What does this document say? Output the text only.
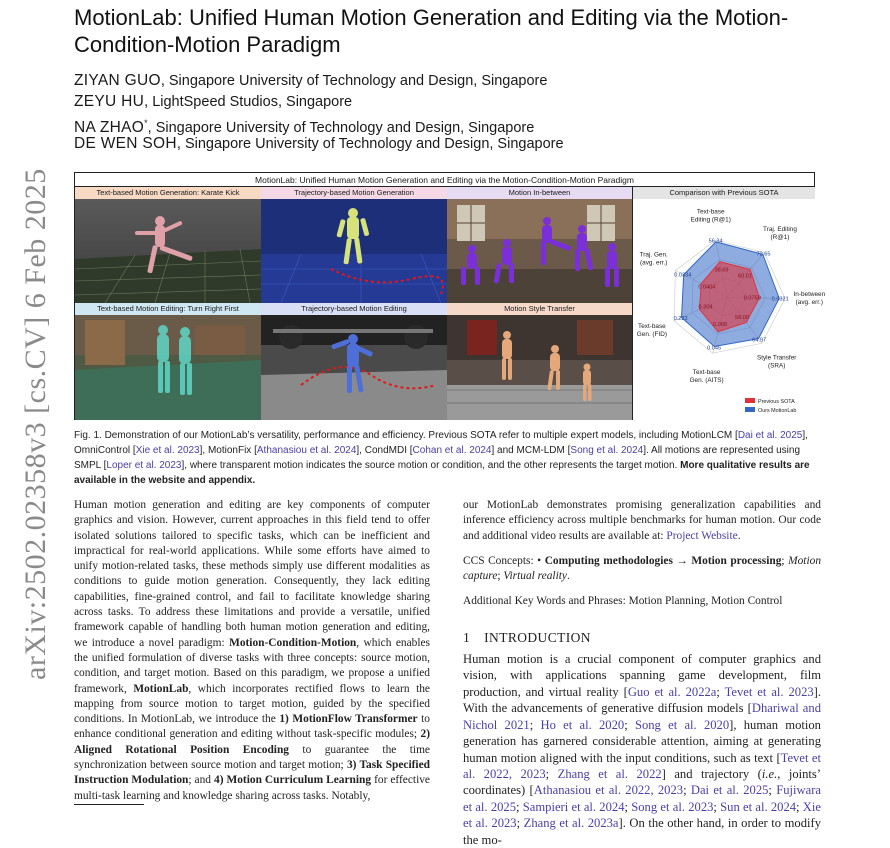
MotionLab: Unified Human Motion Generation and Editing via the Motion-Condition-Motion Paradigm
ZIYAN GUO, Singapore University of Technology and Design, Singapore
ZEYU HU, LightSpeed Studios, Singapore
NA ZHAO*, Singapore University of Technology and Design, Singapore
DE WEN SOH, Singapore University of Technology and Design, Singapore
arXiv:2502.02358v3 [cs.CV] 6 Feb 2025	MotionLab: Unified Human Motion Generation and Editing via the Motion-Condition-Motion Paradigm
Text-based Motion Generation: Karate Kick	Trajectory-based Motion Generation	Motion In-between
Text-based Motion Editing: Turn Right First	Trajectory-based Motion Editing	Motion Style Transfer
Comparison with Previous SOTA
60.01
0.0750
58.00
0.068
0.304
0.0404
38.69
72.65
0.0321
64.97
0.045
0.223
0.0334
56.34
Traj. Editing
(R@1)
In-between
(avg. err.)
Style Transfer
(SRA)
Text-base
Gen. (AITS)
Text-base
Gen. (FID)
Traj. Gen.
(avg. err.)
Text-base
Editing (R@1)
Previous SOTA
Ours MotionLab
Fig. 1. Demonstration of our MotionLab’s versatility, performance and efficiency. Previous SOTA refer to multiple expert models, including MotionLCM [Dai et al. 2025], OmniControl [Xie et al. 2023], MotionFix [Athanasiou et al. 2024], CondMDI [Cohan et al. 2024] and MCM-LDM [Song et al. 2024]. All motions are represented using SMPL [Loper et al. 2023], where transparent motion indicates the source motion or condition, and the other represents the target motion. More qualitative results are available in the website and appendix.

Human motion generation and editing are key components of computer graphics and vision. However, current approaches in this field tend to offer isolated solutions tailored to specific tasks, which can be inefficient and impractical for real-world applications. While some efforts have aimed to unify motion-related tasks, these methods simply use different modalities as conditions to guide motion generation. Consequently, they lack editing capabilities, fine-grained control, and fail to facilitate knowledge sharing across tasks. To address these limitations and provide a versatile, unified framework capable of handling both human motion generation and editing, we introduce a novel paradigm: Motion-Condition-Motion, which enables the unified formulation of diverse tasks with three concepts: source motion, condition, and target motion. Based on this paradigm, we propose a unified framework, MotionLab, which incorporates rectified flows to learn the mapping from source motion to target motion, guided by the specified conditions. In MotionLab, we introduce the 1) MotionFlow Transformer to enhance conditional generation and editing without task-specific modules; 2) Aligned Rotational Position Encoding to guarantee the time synchronization between source motion and target motion; 3) Task Specified Instruction Modulation; and 4) Motion Curriculum Learning for effective multi-task learning and knowledge sharing across tasks. Notably,

our MotionLab demonstrates promising generalization capabilities and inference efficiency across multiple benchmarks for human motion. Our code and additional video results are available at: Project Website.

CCS Concepts: • Computing methodologies → Motion processing; Motion capture; Virtual reality.

Additional Key Words and Phrases: Motion Planning, Motion Control

1 INTRODUCTION

Human motion is a crucial component of computer graphics and vision, with applications spanning game development, film production, and virtual reality [Guo et al. 2022a; Tevet et al. 2023]. With the advancements of generative diffusion models [Dhariwal and Nichol 2021; Ho et al. 2020; Song et al. 2020], human motion generation has garnered considerable attention, aiming at generating human motion aligned with the input conditions, such as text [Tevet et al. 2022, 2023; Zhang et al. 2022] and trajectory (i.e., joints’ coordinates) [Athanasiou et al. 2022, 2023; Dai et al. 2025; Fujiwara et al. 2025; Sampieri et al. 2024; Song et al. 2023; Sun et al. 2024; Xie et al. 2023; Zhang et al. 2023a]. On the other hand, in order to modify the mo-
